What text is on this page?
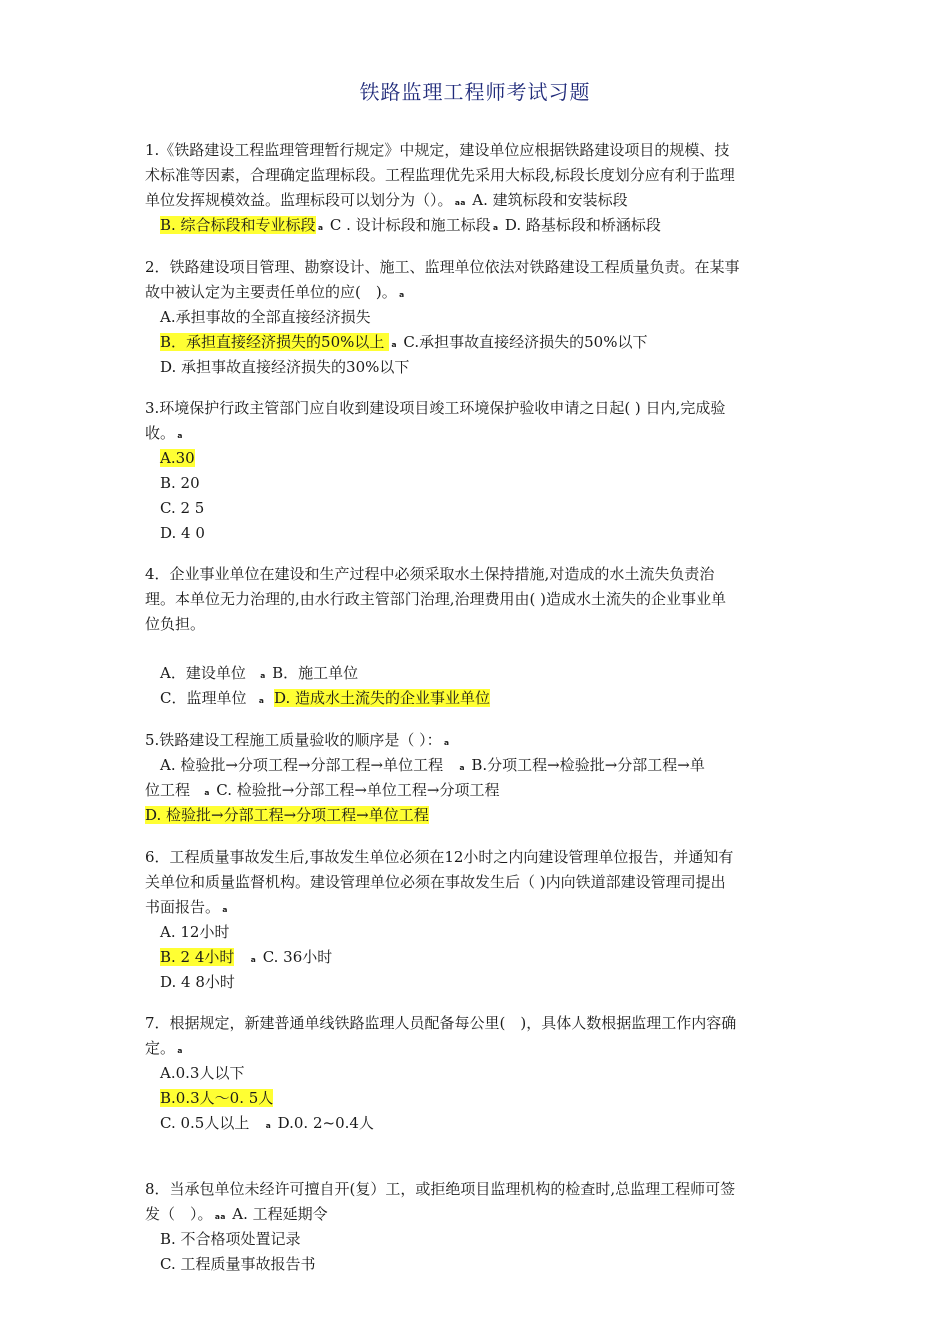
铁路监理工程师考试习题
1.《铁路建设工程监理管理暂行规定》中规定，建设单位应根据铁路建设项目的规模、技
术标准等因素，合理确定监理标段。工程监理优先采用大标段,标段长度划分应有利于监理
单位发挥规模效益。监理标段可以划分为（）。 ₐₐ A. 建筑标段和安装标段
B. 综合标段和专业标段 ₐ C . 设计标段和施工标段 ₐ D. 路基标段和桥涵标段
2．铁路建设项目管理、勘察设计、施工、监理单位依法对铁路建设工程质量负责。在某事
故中被认定为主要责任单位的应(　)。 ₐ
A.承担事故的全部直接经济损失
B．承担直接经济损失的50%以上 ₐ C.承担事故直接经济损失的50%以下
D. 承担事故直接经济损失的30%以下
3.环境保护行政主管部门应自收到建设项目竣工环境保护验收申请之日起( ) 日内,完成验
收。 ₐ
A.30
B. 20
C. 2 5
D. 4 0
4．企业事业单位在建设和生产过程中必须采取水土保持措施,对造成的水土流失负责治
理。本单位无力治理的,由水行政主管部门治理,治理费用由( )造成水土流失的企业事业单
位负担。
A．建设单位 ₐ B．施工单位
C．监理单位 ₐ D. 造成水土流失的企业事业单位
5.铁路建设工程施工质量验收的顺序是（ ）： ₐ
A. 检验批→分项工程→分部工程→单位工程 ₐ B.分项工程→检验批→分部工程→单
位工程 ₐ C. 检验批→分部工程→单位工程→分项工程
D. 检验批→分部工程→分项工程→单位工程
6．工程质量事故发生后,事故发生单位必须在12小时之内向建设管理单位报告，并通知有
关单位和质量监督机构。建设管理单位必须在事故发生后（ )内向铁道部建设管理司提出
书面报告。 ₐ
A. 12小时
B. 2 4小时 ₐ C. 36小时
D. 4 8小时
7．根据规定，新建普通单线铁路监理人员配备每公里(　)，具体人数根据监理工作内容确
定。 ₐ
A.0.3人以下
B.0.3人～0. 5人
C. 0.5人以上 ₐ D.0. 2~0.4人
8．当承包单位未经许可擅自开(复）工，或拒绝项目监理机构的检查时,总监理工程师可签
发（　）。 ₐₐ A. 工程延期令
B. 不合格项处置记录
C. 工程质量事故报告书
